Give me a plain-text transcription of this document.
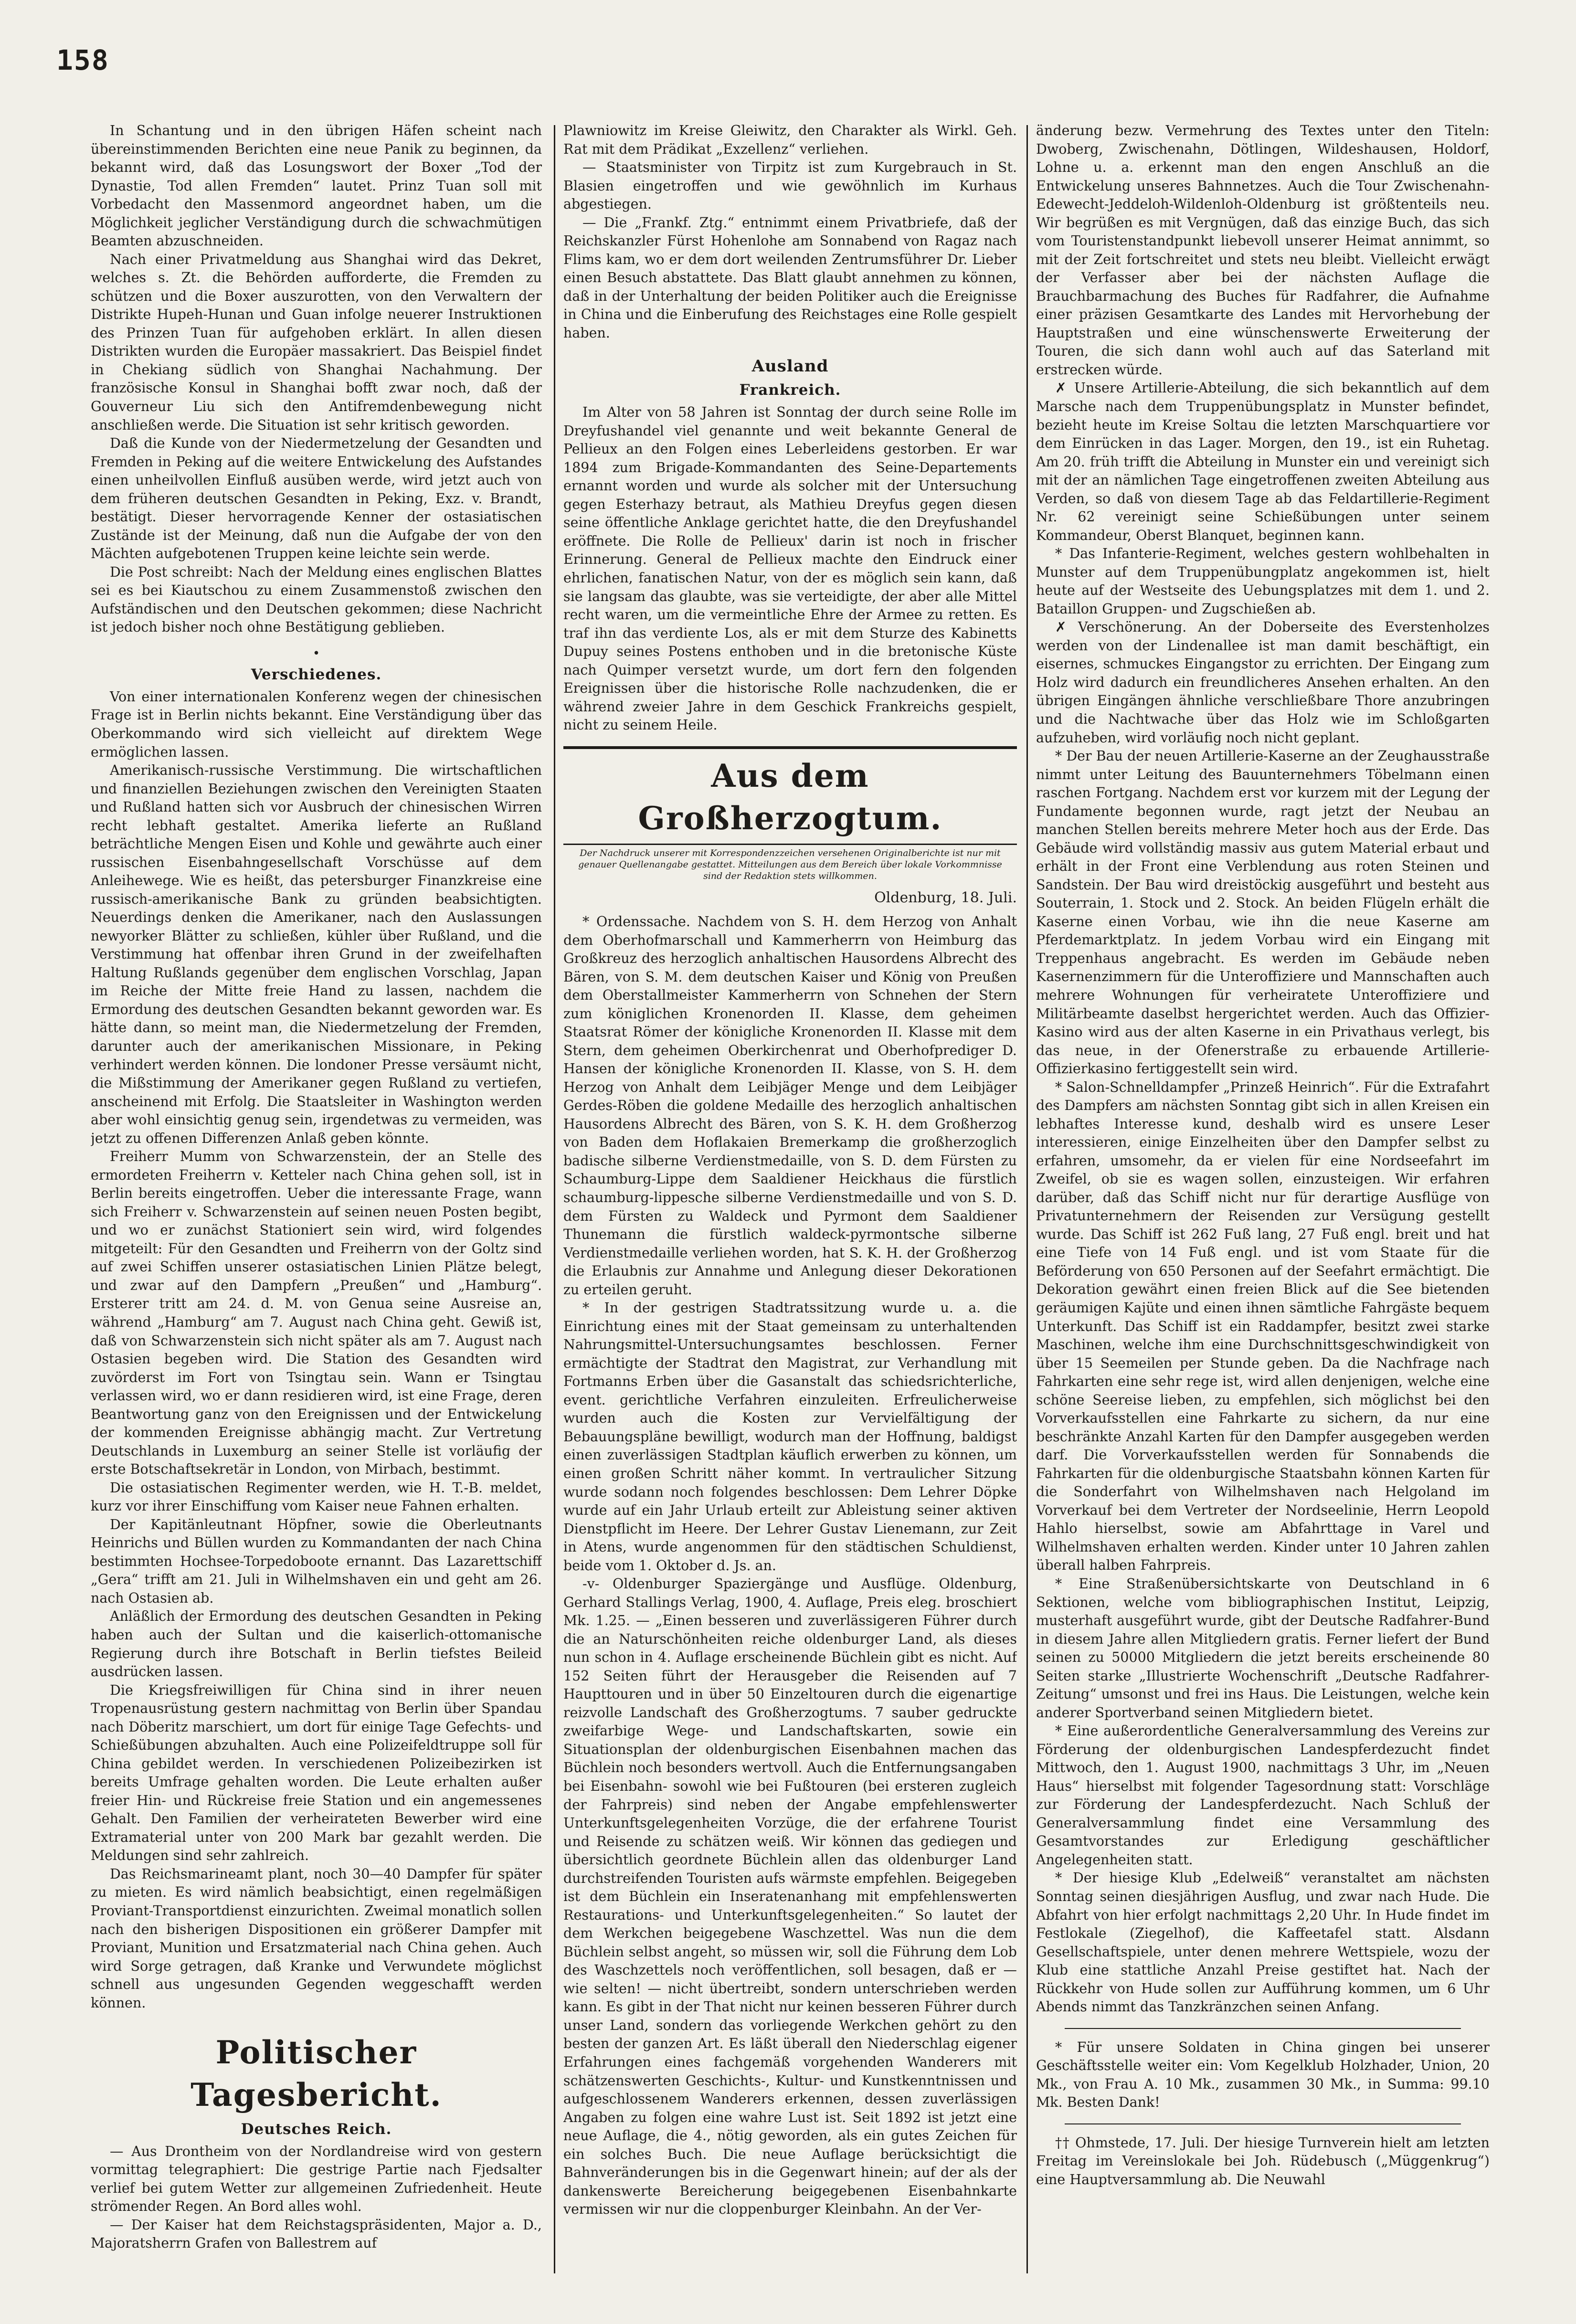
158

In Schantung und in den übrigen Häfen scheint nach übereinstimmenden Berichten eine neue Panik zu beginnen, da bekannt wird, daß das Losungswort der Boxer „Tod der Dynastie, Tod allen Fremden“ lautet. Prinz Tuan soll mit Vorbedacht den Massenmord angeordnet haben, um die Möglichkeit jeglicher Verständigung durch die schwachmütigen Beamten abzuschneiden.

Nach einer Privatmeldung aus Shanghai wird das Dekret, welches s. Zt. die Behörden aufforderte, die Fremden zu schützen und die Boxer auszurotten, von den Verwaltern der Distrikte Hupeh-Hunan und Guan infolge neuerer Instruktionen des Prinzen Tuan für aufgehoben erklärt. In allen diesen Distrikten wurden die Europäer massakriert. Das Beispiel findet in Chekiang südlich von Shanghai Nachahmung. Der französische Konsul in Shanghai bofft zwar noch, daß der Gouverneur Liu sich den Antifremdenbewegung nicht anschließen werde. Die Situation ist sehr kritisch geworden.

Daß die Kunde von der Niedermetzelung der Gesandten und Fremden in Peking auf die weitere Entwickelung des Aufstandes einen unheilvollen Einfluß ausüben werde, wird jetzt auch von dem früheren deutschen Gesandten in Peking, Exz. v. Brandt, bestätigt. Dieser hervorragende Kenner der ostasiatischen Zustände ist der Meinung, daß nun die Aufgabe der von den Mächten aufgebotenen Truppen keine leichte sein werde.

Die Post schreibt: Nach der Meldung eines englischen Blattes sei es bei Kiautschou zu einem Zusammenstoß zwischen den Aufständischen und den Deutschen gekommen; diese Nachricht ist jedoch bisher noch ohne Bestätigung geblieben.

•
Verschiedenes.

Von einer internationalen Konferenz wegen der chinesischen Frage ist in Berlin nichts bekannt. Eine Verständigung über das Oberkommando wird sich vielleicht auf direktem Wege ermöglichen lassen.

Amerikanisch-russische Verstimmung. Die wirtschaftlichen und finanziellen Beziehungen zwischen den Vereinigten Staaten und Rußland hatten sich vor Ausbruch der chinesischen Wirren recht lebhaft gestaltet. Amerika lieferte an Rußland beträchtliche Mengen Eisen und Kohle und gewährte auch einer russischen Eisenbahngesellschaft Vorschüsse auf dem Anleihewege. Wie es heißt, das petersburger Finanzkreise eine russisch-amerikanische Bank zu gründen beabsichtigten. Neuerdings denken die Amerikaner, nach den Auslassungen newyorker Blätter zu schließen, kühler über Rußland, und die Verstimmung hat offenbar ihren Grund in der zweifelhaften Haltung Rußlands gegenüber dem englischen Vorschlag, Japan im Reiche der Mitte freie Hand zu lassen, nachdem die Ermordung des deutschen Gesandten bekannt geworden war. Es hätte dann, so meint man, die Niedermetzelung der Fremden, darunter auch der amerikanischen Missionare, in Peking verhindert werden können. Die londoner Presse versäumt nicht, die Mißstimmung der Amerikaner gegen Rußland zu vertiefen, anscheinend mit Erfolg. Die Staatsleiter in Washington werden aber wohl einsichtig genug sein, irgendetwas zu vermeiden, was jetzt zu offenen Differenzen Anlaß geben könnte.

Freiherr Mumm von Schwarzenstein, der an Stelle des ermordeten Freiherrn v. Ketteler nach China gehen soll, ist in Berlin bereits eingetroffen. Ueber die interessante Frage, wann sich Freiherr v. Schwarzenstein auf seinen neuen Posten begibt, und wo er zunächst Stationiert sein wird, wird folgendes mitgeteilt: Für den Gesandten und Freiherrn von der Goltz sind auf zwei Schiffen unserer ostasiatischen Linien Plätze belegt, und zwar auf den Dampfern „Preußen“ und „Hamburg“. Ersterer tritt am 24. d. M. von Genua seine Ausreise an, während „Hamburg“ am 7. August nach China geht. Gewiß ist, daß von Schwarzenstein sich nicht später als am 7. August nach Ostasien begeben wird. Die Station des Gesandten wird zuvörderst im Fort von Tsingtau sein. Wann er Tsingtau verlassen wird, wo er dann residieren wird, ist eine Frage, deren Beantwortung ganz von den Ereignissen und der Entwickelung der kommenden Ereignisse abhängig macht. Zur Vertretung Deutschlands in Luxemburg an seiner Stelle ist vorläufig der erste Botschaftsekretär in London, von Mirbach, bestimmt.

Die ostasiatischen Regimenter werden, wie H. T.-B. meldet, kurz vor ihrer Einschiffung vom Kaiser neue Fahnen erhalten.

Der Kapitänleutnant Höpfner, sowie die Oberleutnants Heinrichs und Büllen wurden zu Kommandanten der nach China bestimmten Hochsee-Torpedoboote ernannt. Das Lazarettschiff „Gera“ trifft am 21. Juli in Wilhelmshaven ein und geht am 26. nach Ostasien ab.

Anläßlich der Ermordung des deutschen Gesandten in Peking haben auch der Sultan und die kaiserlich-ottomanische Regierung durch ihre Botschaft in Berlin tiefstes Beileid ausdrücken lassen.

Die Kriegsfreiwilligen für China sind in ihrer neuen Tropenausrüstung gestern nachmittag von Berlin über Spandau nach Döberitz marschiert, um dort für einige Tage Gefechts- und Schießübungen abzuhalten. Auch eine Polizeifeldtruppe soll für China gebildet werden. In verschiedenen Polizeibezirken ist bereits Umfrage gehalten worden. Die Leute erhalten außer freier Hin- und Rückreise freie Station und ein angemessenes Gehalt. Den Familien der verheirateten Bewerber wird eine Extramaterial unter von 200 Mark bar gezahlt werden. Die Meldungen sind sehr zahlreich.

Das Reichsmarineamt plant, noch 30—40 Dampfer für später zu mieten. Es wird nämlich beabsichtigt, einen regelmäßigen Proviant-Transportdienst einzurichten. Zweimal monatlich sollen nach den bisherigen Dispositionen ein größerer Dampfer mit Proviant, Munition und Ersatzmaterial nach China gehen. Auch wird Sorge getragen, daß Kranke und Verwundete möglichst schnell aus ungesunden Gegenden weggeschafft werden können.

Politischer Tagesbericht.
Deutsches Reich.

— Aus Drontheim von der Nordlandreise wird von gestern vormittag telegraphiert: Die gestrige Partie nach Fjedsalter verlief bei gutem Wetter zur allgemeinen Zufriedenheit. Heute strömender Regen. An Bord alles wohl.

— Der Kaiser hat dem Reichstagspräsidenten, Major a. D., Majoratsherrn Grafen von Ballestrem auf

Plawniowitz im Kreise Gleiwitz, den Charakter als Wirkl. Geh. Rat mit dem Prädikat „Exzellenz“ verliehen.

— Staatsminister von Tirpitz ist zum Kurgebrauch in St. Blasien eingetroffen und wie gewöhnlich im Kurhaus abgestiegen.

— Die „Frankf. Ztg.“ entnimmt einem Privatbriefe, daß der Reichskanzler Fürst Hohenlohe am Sonnabend von Ragaz nach Flims kam, wo er dem dort weilenden Zentrumsführer Dr. Lieber einen Besuch abstattete. Das Blatt glaubt annehmen zu können, daß in der Unterhaltung der beiden Politiker auch die Ereignisse in China und die Einberufung des Reichstages eine Rolle gespielt haben.

Ausland
Frankreich.

Im Alter von 58 Jahren ist Sonntag der durch seine Rolle im Dreyfushandel viel genannte und weit bekannte General de Pellieux an den Folgen eines Leberleidens gestorben. Er war 1894 zum Brigade-Kommandanten des Seine-Departements ernannt worden und wurde als solcher mit der Untersuchung gegen Esterhazy betraut, als Mathieu Dreyfus gegen diesen seine öffentliche Anklage gerichtet hatte, die den Dreyfushandel eröffnete. Die Rolle de Pellieux' darin ist noch in frischer Erinnerung. General de Pellieux machte den Eindruck einer ehrlichen, fanatischen Natur, von der es möglich sein kann, daß sie langsam das glaubte, was sie verteidigte, der aber alle Mittel recht waren, um die vermeintliche Ehre der Armee zu retten. Es traf ihn das verdiente Los, als er mit dem Sturze des Kabinetts Dupuy seines Postens enthoben und in die bretonische Küste nach Quimper versetzt wurde, um dort fern den folgenden Ereignissen über die historische Rolle nachzudenken, die er während zweier Jahre in dem Geschick Frankreichs gespielt, nicht zu seinem Heile.

Aus dem Großherzogtum.
Der Nachdruck unserer mit Korrespondenzzeichen versehenen Originalberichte ist nur mit genauer Quellenangabe gestattet. Mitteilungen aus dem Bereich über lokale Vorkommnisse sind der Redaktion stets willkommen.
Oldenburg, 18. Juli.

* Ordenssache. Nachdem von S. H. dem Herzog von Anhalt dem Oberhofmarschall und Kammerherrn von Heimburg das Großkreuz des herzoglich anhaltischen Hausordens Albrecht des Bären, von S. M. dem deutschen Kaiser und König von Preußen dem Oberstallmeister Kammerherrn von Schnehen der Stern zum königlichen Kronenorden II. Klasse, dem geheimen Staatsrat Römer der königliche Kronenorden II. Klasse mit dem Stern, dem geheimen Oberkirchenrat und Oberhofprediger D. Hansen der königliche Kronenorden II. Klasse, von S. H. dem Herzog von Anhalt dem Leibjäger Menge und dem Leibjäger Gerdes-Röben die goldene Medaille des herzoglich anhaltischen Hausordens Albrecht des Bären, von S. K. H. dem Großherzog von Baden dem Hoflakaien Bremerkamp die großherzoglich badische silberne Verdienstmedaille, von S. D. dem Fürsten zu Schaumburg-Lippe dem Saaldiener Heickhaus die fürstlich schaumburg-lippesche silberne Verdienstmedaille und von S. D. dem Fürsten zu Waldeck und Pyrmont dem Saaldiener Thunemann die fürstlich waldeck-pyrmontsche silberne Verdienstmedaille verliehen worden, hat S. K. H. der Großherzog die Erlaubnis zur Annahme und Anlegung dieser Dekorationen zu erteilen geruht.

* In der gestrigen Stadtratssitzung wurde u. a. die Einrichtung eines mit der Staat gemeinsam zu unterhaltenden Nahrungsmittel-Untersuchungsamtes beschlossen. Ferner ermächtigte der Stadtrat den Magistrat, zur Verhandlung mit Fortmanns Erben über die Gasanstalt das schiedsrichterliche, event. gerichtliche Verfahren einzuleiten. Erfreulicherweise wurden auch die Kosten zur Vervielfältigung der Bebauungspläne bewilligt, wodurch man der Hoffnung, baldigst einen zuverlässigen Stadtplan käuflich erwerben zu können, um einen großen Schritt näher kommt. In vertraulicher Sitzung wurde sodann noch folgendes beschlossen: Dem Lehrer Döpke wurde auf ein Jahr Urlaub erteilt zur Ableistung seiner aktiven Dienstpflicht im Heere. Der Lehrer Gustav Lienemann, zur Zeit in Atens, wurde angenommen für den städtischen Schuldienst, beide vom 1. Oktober d. Js. an.

-v- Oldenburger Spaziergänge und Ausflüge. Oldenburg, Gerhard Stallings Verlag, 1900, 4. Auflage, Preis eleg. broschiert Mk. 1.25. — „Einen besseren und zuverlässigeren Führer durch die an Naturschönheiten reiche oldenburger Land, als dieses nun schon in 4. Auflage erscheinende Büchlein gibt es nicht. Auf 152 Seiten führt der Herausgeber die Reisenden auf 7 Haupttouren und in über 50 Einzeltouren durch die eigenartige reizvolle Landschaft des Großherzogtums. 7 sauber gedruckte zweifarbige Wege- und Landschaftskarten, sowie ein Situationsplan der oldenburgischen Eisenbahnen machen das Büchlein noch besonders wertvoll. Auch die Entfernungsangaben bei Eisenbahn- sowohl wie bei Fußtouren (bei ersteren zugleich der Fahrpreis) sind neben der Angabe empfehlenswerter Unterkunftsgelegenheiten Vorzüge, die der erfahrene Tourist und Reisende zu schätzen weiß. Wir können das gediegen und übersichtlich geordnete Büchlein allen das oldenburger Land durchstreifenden Touristen aufs wärmste empfehlen. Beigegeben ist dem Büchlein ein Inseratenanhang mit empfehlenswerten Restaurations- und Unterkunftsgelegenheiten.“ So lautet der dem Werkchen beigegebene Waschzettel. Was nun die dem Büchlein selbst angeht, so müssen wir, soll die Führung dem Lob des Waschzettels noch veröffentlichen, soll besagen, daß er — wie selten! — nicht übertreibt, sondern unterschrieben werden kann. Es gibt in der That nicht nur keinen besseren Führer durch unser Land, sondern das vorliegende Werkchen gehört zu den besten der ganzen Art. Es läßt überall den Niederschlag eigener Erfahrungen eines fachgemäß vorgehenden Wanderers mit schätzenswerten Geschichts-, Kultur- und Kunstkenntnissen und aufgeschlossenem Wanderers erkennen, dessen zuverlässigen Angaben zu folgen eine wahre Lust ist. Seit 1892 ist jetzt eine neue Auflage, die 4., nötig geworden, als ein gutes Zeichen für ein solches Buch. Die neue Auflage berücksichtigt die Bahnveränderungen bis in die Gegenwart hinein; auf der als der dankenswerte Bereicherung beigegebenen Eisenbahnkarte vermissen wir nur die cloppenburger Kleinbahn. An der Ver-

änderung bezw. Vermehrung des Textes unter den Titeln: Dwoberg, Zwischenahn, Dötlingen, Wildeshausen, Holdorf, Lohne u. a. erkennt man den engen Anschluß an die Entwickelung unseres Bahnnetzes. Auch die Tour Zwischenahn-Edewecht-Jeddeloh-Wildenloh-Oldenburg ist größtenteils neu. Wir begrüßen es mit Vergnügen, daß das einzige Buch, das sich vom Touristenstandpunkt liebevoll unserer Heimat annimmt, so mit der Zeit fortschreitet und stets neu bleibt. Vielleicht erwägt der Verfasser aber bei der nächsten Auflage die Brauchbarmachung des Buches für Radfahrer, die Aufnahme einer präzisen Gesamtkarte des Landes mit Hervorhebung der Hauptstraßen und eine wünschenswerte Erweiterung der Touren, die sich dann wohl auch auf das Saterland mit erstrecken würde.

✗ Unsere Artillerie-Abteilung, die sich bekanntlich auf dem Marsche nach dem Truppenübungsplatz in Munster befindet, bezieht heute im Kreise Soltau die letzten Marschquartiere vor dem Einrücken in das Lager. Morgen, den 19., ist ein Ruhetag. Am 20. früh trifft die Abteilung in Munster ein und vereinigt sich mit der an nämlichen Tage eingetroffenen zweiten Abteilung aus Verden, so daß von diesem Tage ab das Feldartillerie-Regiment Nr. 62 vereinigt seine Schießübungen unter seinem Kommandeur, Oberst Blanquet, beginnen kann.

* Das Infanterie-Regiment, welches gestern wohlbehalten in Munster auf dem Truppenübungplatz angekommen ist, hielt heute auf der Westseite des Uebungsplatzes mit dem 1. und 2. Bataillon Gruppen- und Zugschießen ab.

✗ Verschönerung. An der Doberseite des Everstenholzes werden von der Lindenallee ist man damit beschäftigt, ein eisernes, schmuckes Eingangstor zu errichten. Der Eingang zum Holz wird dadurch ein freundlicheres Ansehen erhalten. An den übrigen Eingängen ähnliche verschließbare Thore anzubringen und die Nachtwache über das Holz wie im Schloßgarten aufzuheben, wird vorläufig noch nicht geplant.

* Der Bau der neuen Artillerie-Kaserne an der Zeughausstraße nimmt unter Leitung des Bauunternehmers Töbelmann einen raschen Fortgang. Nachdem erst vor kurzem mit der Legung der Fundamente begonnen wurde, ragt jetzt der Neubau an manchen Stellen bereits mehrere Meter hoch aus der Erde. Das Gebäude wird vollständig massiv aus gutem Material erbaut und erhält in der Front eine Verblendung aus roten Steinen und Sandstein. Der Bau wird dreistöckig ausgeführt und besteht aus Souterrain, 1. Stock und 2. Stock. An beiden Flügeln erhält die Kaserne einen Vorbau, wie ihn die neue Kaserne am Pferdemarktplatz. In jedem Vorbau wird ein Eingang mit Treppenhaus angebracht. Es werden im Gebäude neben Kasernenzimmern für die Unteroffiziere und Mannschaften auch mehrere Wohnungen für verheiratete Unteroffiziere und Militärbeamte daselbst hergerichtet werden. Auch das Offizier-Kasino wird aus der alten Kaserne in ein Privathaus verlegt, bis das neue, in der Ofenerstraße zu erbauende Artillerie-Offizierkasino fertiggestellt sein wird.

* Salon-Schnelldampfer „Prinzeß Heinrich“. Für die Extrafahrt des Dampfers am nächsten Sonntag gibt sich in allen Kreisen ein lebhaftes Interesse kund, deshalb wird es unsere Leser interessieren, einige Einzelheiten über den Dampfer selbst zu erfahren, umsomehr, da er vielen für eine Nordseefahrt im Zweifel, ob sie es wagen sollen, einzusteigen. Wir erfahren darüber, daß das Schiff nicht nur für derartige Ausflüge von Privatunternehmern der Reisenden zur Versügung gestellt wurde. Das Schiff ist 262 Fuß lang, 27 Fuß engl. breit und hat eine Tiefe von 14 Fuß engl. und ist vom Staate für die Beförderung von 650 Personen auf der Seefahrt ermächtigt. Die Dekoration gewährt einen freien Blick auf die See bietenden geräumigen Kajüte und einen ihnen sämtliche Fahrgäste bequem Unterkunft. Das Schiff ist ein Raddampfer, besitzt zwei starke Maschinen, welche ihm eine Durchschnittsgeschwindigkeit von über 15 Seemeilen per Stunde geben. Da die Nachfrage nach Fahrkarten eine sehr rege ist, wird allen denjenigen, welche eine schöne Seereise lieben, zu empfehlen, sich möglichst bei den Vorverkaufsstellen eine Fahrkarte zu sichern, da nur eine beschränkte Anzahl Karten für den Dampfer ausgegeben werden darf. Die Vorverkaufsstellen werden für Sonnabends die Fahrkarten für die oldenburgische Staatsbahn können Karten für die Sonderfahrt von Wilhelmshaven nach Helgoland im Vorverkauf bei dem Vertreter der Nordseelinie, Herrn Leopold Hahlo hierselbst, sowie am Abfahrttage in Varel und Wilhelmshaven erhalten werden. Kinder unter 10 Jahren zahlen überall halben Fahrpreis.

* Eine Straßenübersichtskarte von Deutschland in 6 Sektionen, welche vom bibliographischen Institut, Leipzig, musterhaft ausgeführt wurde, gibt der Deutsche Radfahrer-Bund in diesem Jahre allen Mitgliedern gratis. Ferner liefert der Bund seinen zu 50000 Mitgliedern die jetzt bereits erscheinende 80 Seiten starke „Illustrierte Wochenschrift „Deutsche Radfahrer-Zeitung“ umsonst und frei ins Haus. Die Leistungen, welche kein anderer Sportverband seinen Mitgliedern bietet.

* Eine außerordentliche Generalversammlung des Vereins zur Förderung der oldenburgischen Landespferdezucht findet Mittwoch, den 1. August 1900, nachmittags 3 Uhr, im „Neuen Haus“ hierselbst mit folgender Tagesordnung statt: Vorschläge zur Förderung der Landespferdezucht. Nach Schluß der Generalversammlung findet eine Versammlung des Gesamtvorstandes zur Erledigung geschäftlicher Angelegenheiten statt.

* Der hiesige Klub „Edelweiß“ veranstaltet am nächsten Sonntag seinen diesjährigen Ausflug, und zwar nach Hude. Die Abfahrt von hier erfolgt nachmittags 2,20 Uhr. In Hude findet im Festlokale (Ziegelhof), die Kaffeetafel statt. Alsdann Gesellschaftspiele, unter denen mehrere Wettspiele, wozu der Klub eine stattliche Anzahl Preise gestiftet hat. Nach der Rückkehr von Hude sollen zur Aufführung kommen, um 6 Uhr Abends nimmt das Tanzkränzchen seinen Anfang.

* Für unsere Soldaten in China gingen bei unserer Geschäftsstelle weiter ein: Vom Kegelklub Holzhader, Union, 20 Mk., von Frau A. 10 Mk., zusammen 30 Mk., in Summa: 99.10 Mk. Besten Dank!

†† Ohmstede, 17. Juli. Der hiesige Turnverein hielt am letzten Freitag im Vereinslokale bei Joh. Rüdebusch („Müggenkrug“) eine Hauptversammlung ab. Die Neuwahl
